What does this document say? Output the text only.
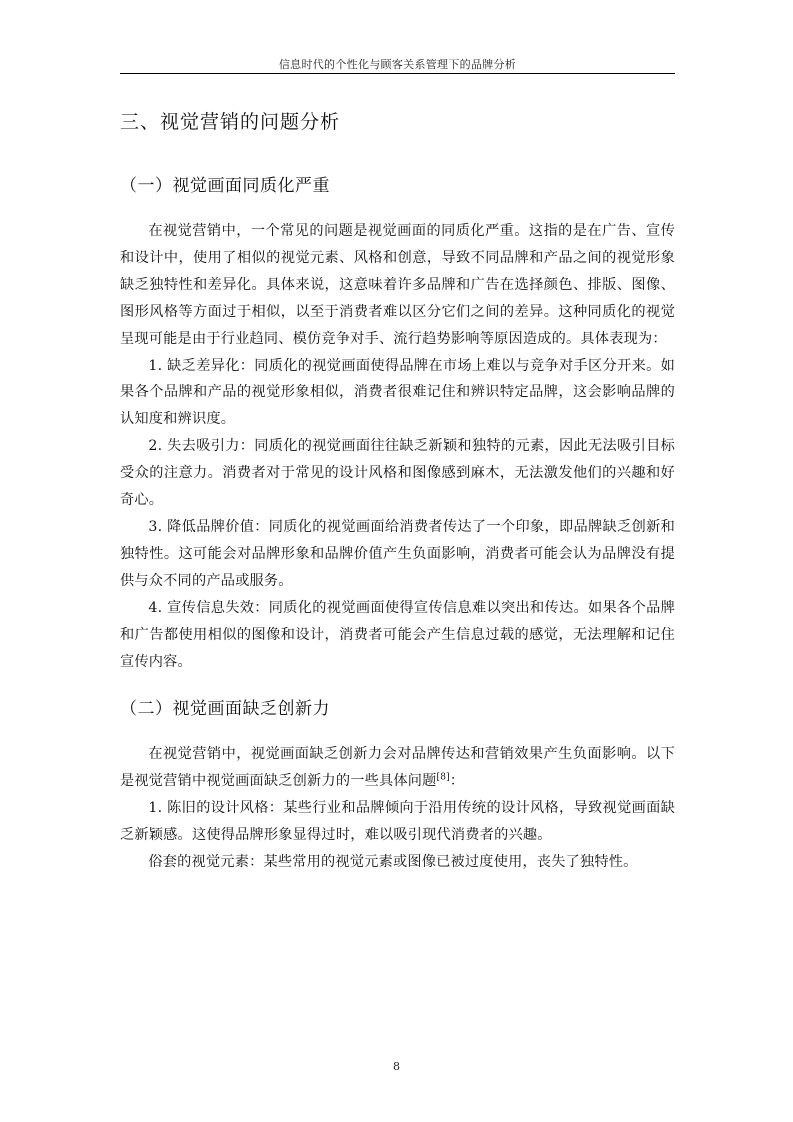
信息时代的个性化与顾客关系管理下的品牌分析
三、视觉营销的问题分析
（一）视觉画面同质化严重

在视觉营销中，一个常见的问题是视觉画面的同质化严重。这指的是在广告、宣传和设计中，使用了相似的视觉元素、风格和创意，导致不同品牌和产品之间的视觉形象缺乏独特性和差异化。具体来说，这意味着许多品牌和广告在选择颜色、排版、图像、图形风格等方面过于相似，以至于消费者难以区分它们之间的差异。这种同质化的视觉呈现可能是由于行业趋同、模仿竞争对手、流行趋势影响等原因造成的。具体表现为：

1. 缺乏差异化：同质化的视觉画面使得品牌在市场上难以与竞争对手区分开来。如果各个品牌和产品的视觉形象相似，消费者很难记住和辨识特定品牌，这会影响品牌的认知度和辨识度。

2. 失去吸引力：同质化的视觉画面往往缺乏新颖和独特的元素，因此无法吸引目标受众的注意力。消费者对于常见的设计风格和图像感到麻木，无法激发他们的兴趣和好奇心。

3. 降低品牌价值：同质化的视觉画面给消费者传达了一个印象，即品牌缺乏创新和独特性。这可能会对品牌形象和品牌价值产生负面影响，消费者可能会认为品牌没有提供与众不同的产品或服务。

4. 宣传信息失效：同质化的视觉画面使得宣传信息难以突出和传达。如果各个品牌和广告都使用相似的图像和设计，消费者可能会产生信息过载的感觉，无法理解和记住宣传内容。

（二）视觉画面缺乏创新力

在视觉营销中，视觉画面缺乏创新力会对品牌传达和营销效果产生负面影响。以下是视觉营销中视觉画面缺乏创新力的一些具体问题[8]：

1. 陈旧的设计风格：某些行业和品牌倾向于沿用传统的设计风格，导致视觉画面缺乏新颖感。这使得品牌形象显得过时，难以吸引现代消费者的兴趣。

俗套的视觉元素：某些常用的视觉元素或图像已被过度使用，丧失了独特性。

8
